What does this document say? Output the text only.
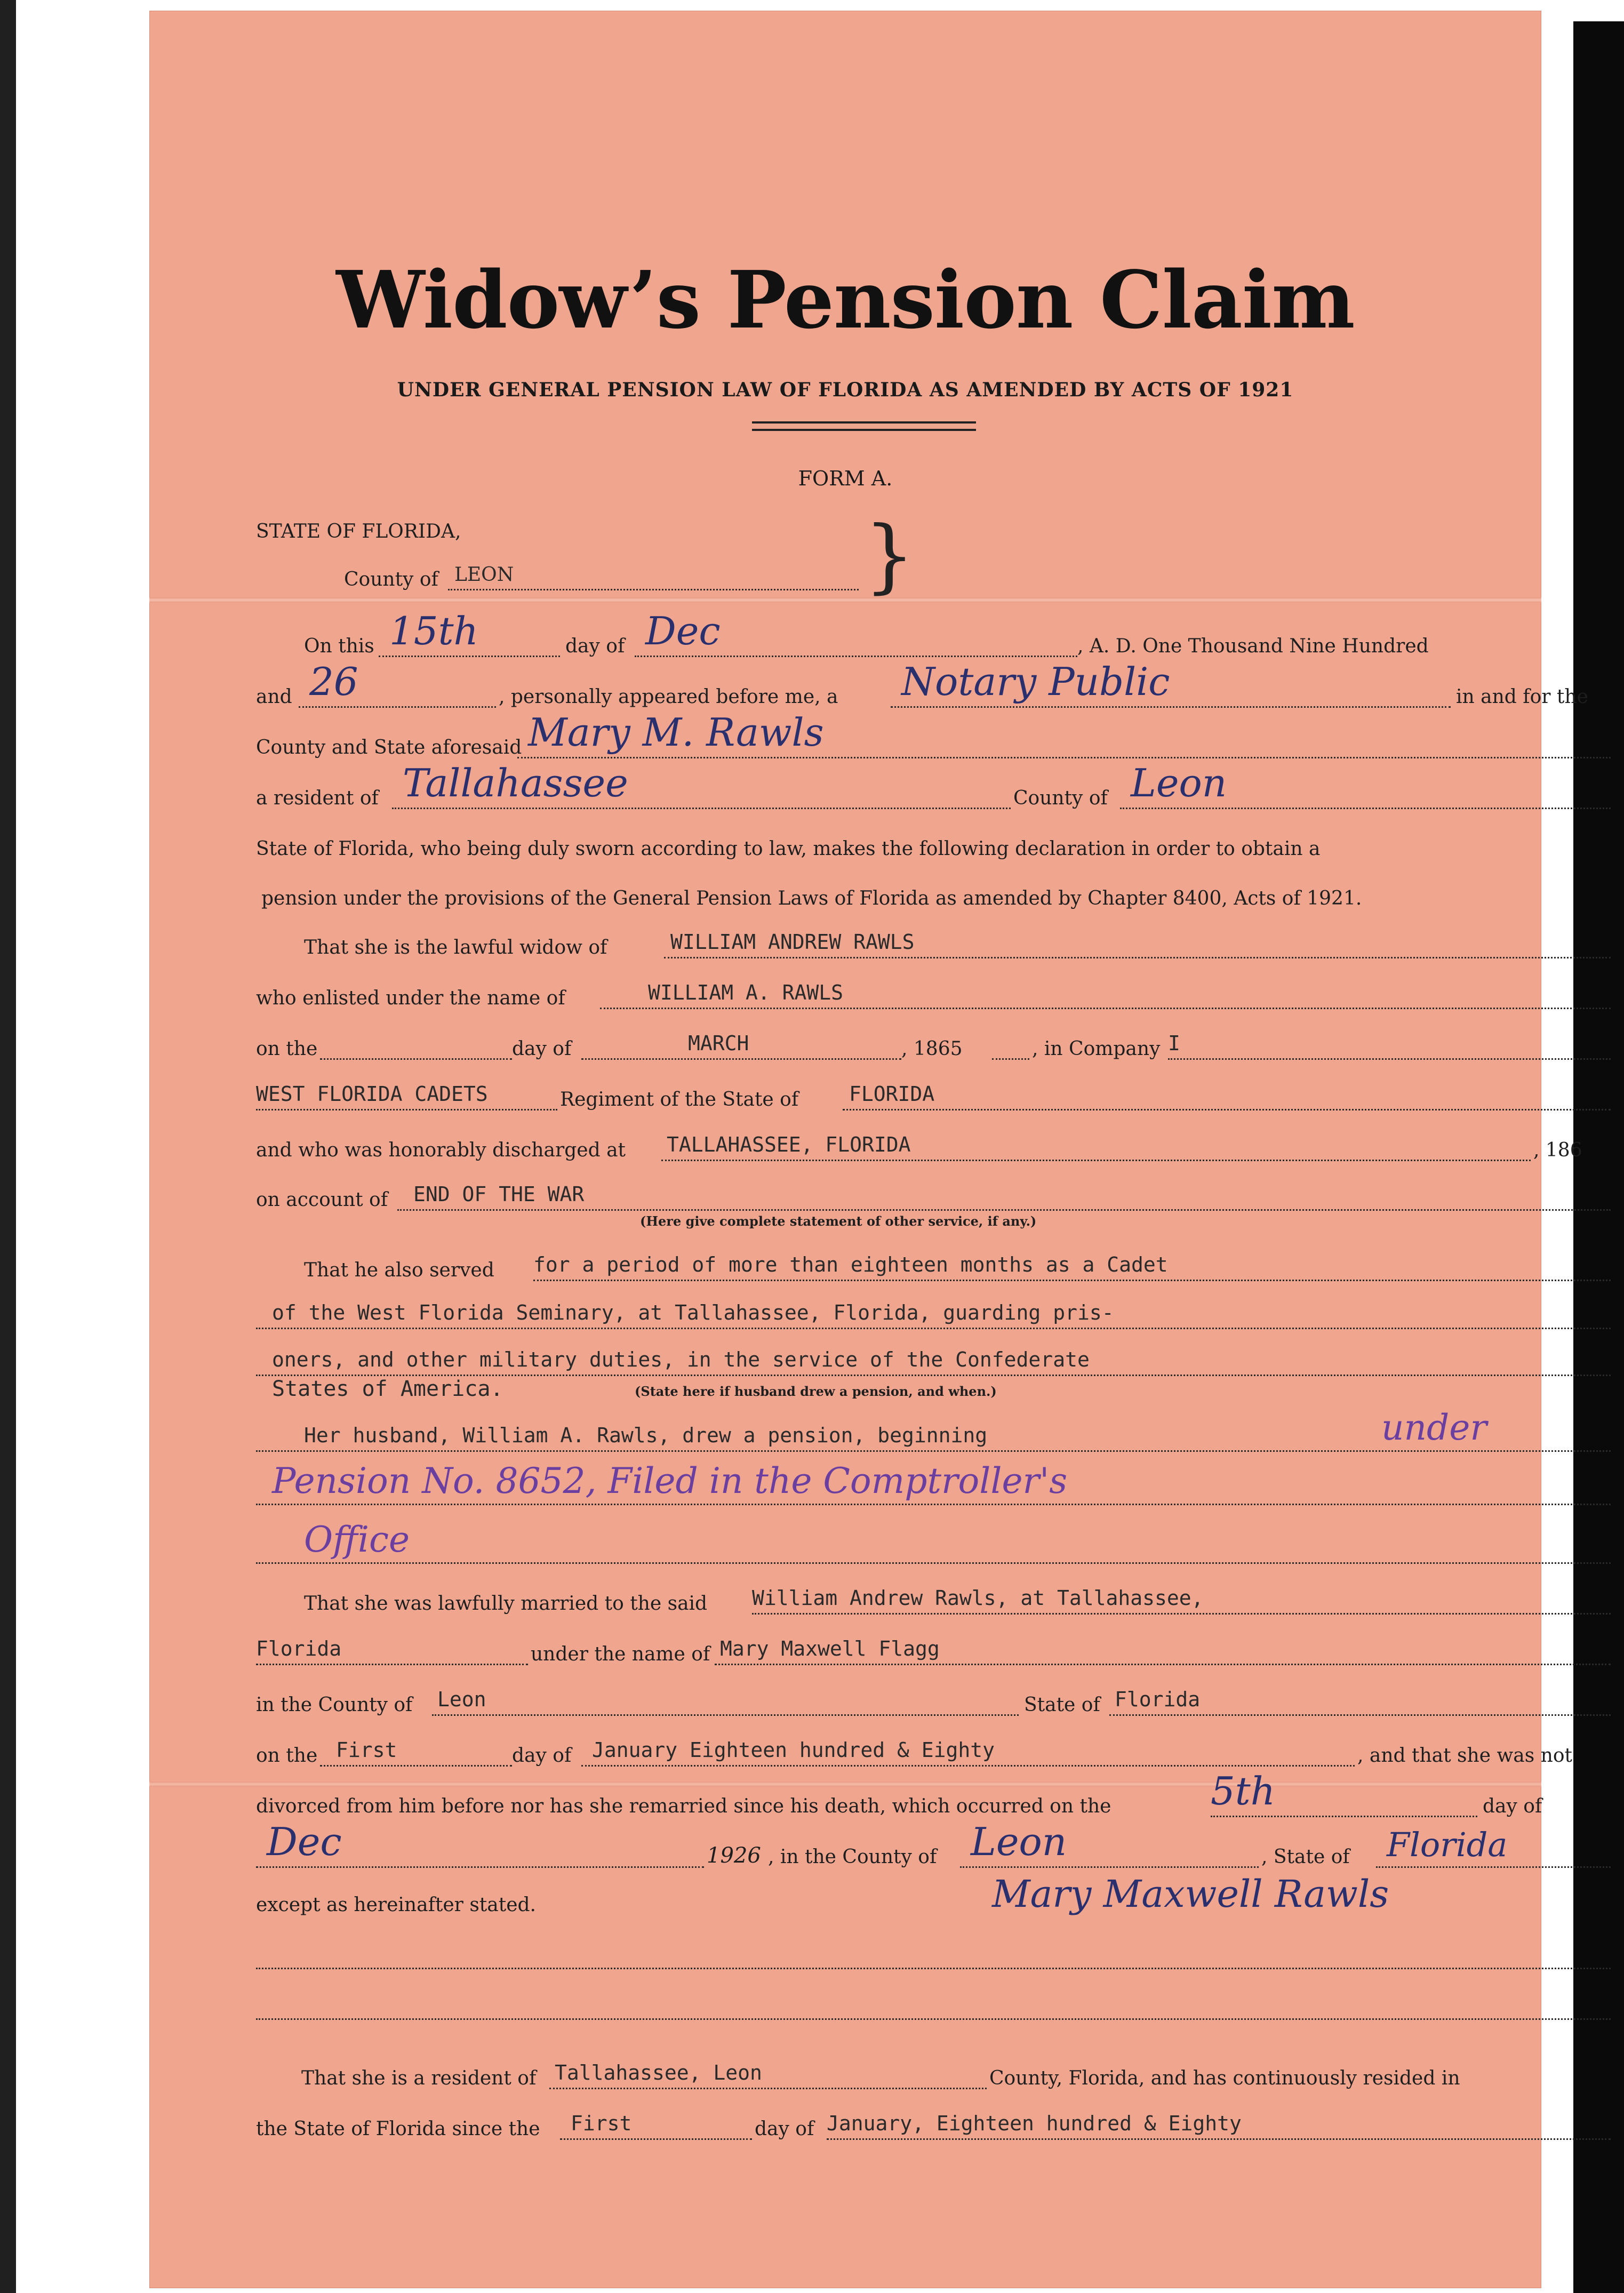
Widow’s Pension Claim
UNDER GENERAL PENSION LAW OF FLORIDA AS AMENDED BY ACTS OF 1921
FORM A.
STATE OF FLORIDA,
County of LEON	}
On this 15th	day of Dec	, A. D. One Thousand Nine Hundred
and 26	, personally appeared before me, a Notary Public	in and for the
County and State aforesaid Mary M. Rawls
a resident of Tallahassee	County of Leon
State of Florida, who being duly sworn according to law, makes the following declaration in order to obtain a
pension under the provisions of the General Pension Laws of Florida as amended by Chapter 8400, Acts of 1921.
That she is the lawful widow of	WILLIAM ANDREW RAWLS
who enlisted under the name of	WILLIAM A. RAWLS
on the	day of	MARCH	, 1865	, in Company I
WEST FLORIDA CADETS	Regiment of the State of FLORIDA
and who was honorably discharged at TALLAHASSEE, FLORIDA	, 186
on account of END OF THE WAR
(Here give complete statement of other service, if any.)
That he also served for a period of more than eighteen months as a Cadet
of the West Florida Seminary, at Tallahassee, Florida, guarding pris-
oners, and other military duties, in the service of the Confederate
States of America.	(State here if husband drew a pension, and when.)
Her husband, William A. Rawls, drew a pension, beginning	under
Pension No. 8652, Filed in the Comptroller's
Office
That she was lawfully married to the said William Andrew Rawls, at Tallahassee,
Florida	under the name of Mary Maxwell Flagg
in the County of Leon	State of Florida
on the First	day of January Eighteen hundred & Eighty	, and that she was not
divorced from him before nor has she remarried since his death, which occurred on the	5th	day of
Dec	1926 , in the County of Leon	, State of Florida
except as hereinafter stated.	Mary Maxwell Rawls
That she is a resident of Tallahassee, Leon	County, Florida, and has continuously resided in
the State of Florida since the First	day of January, Eighteen hundred & Eighty
